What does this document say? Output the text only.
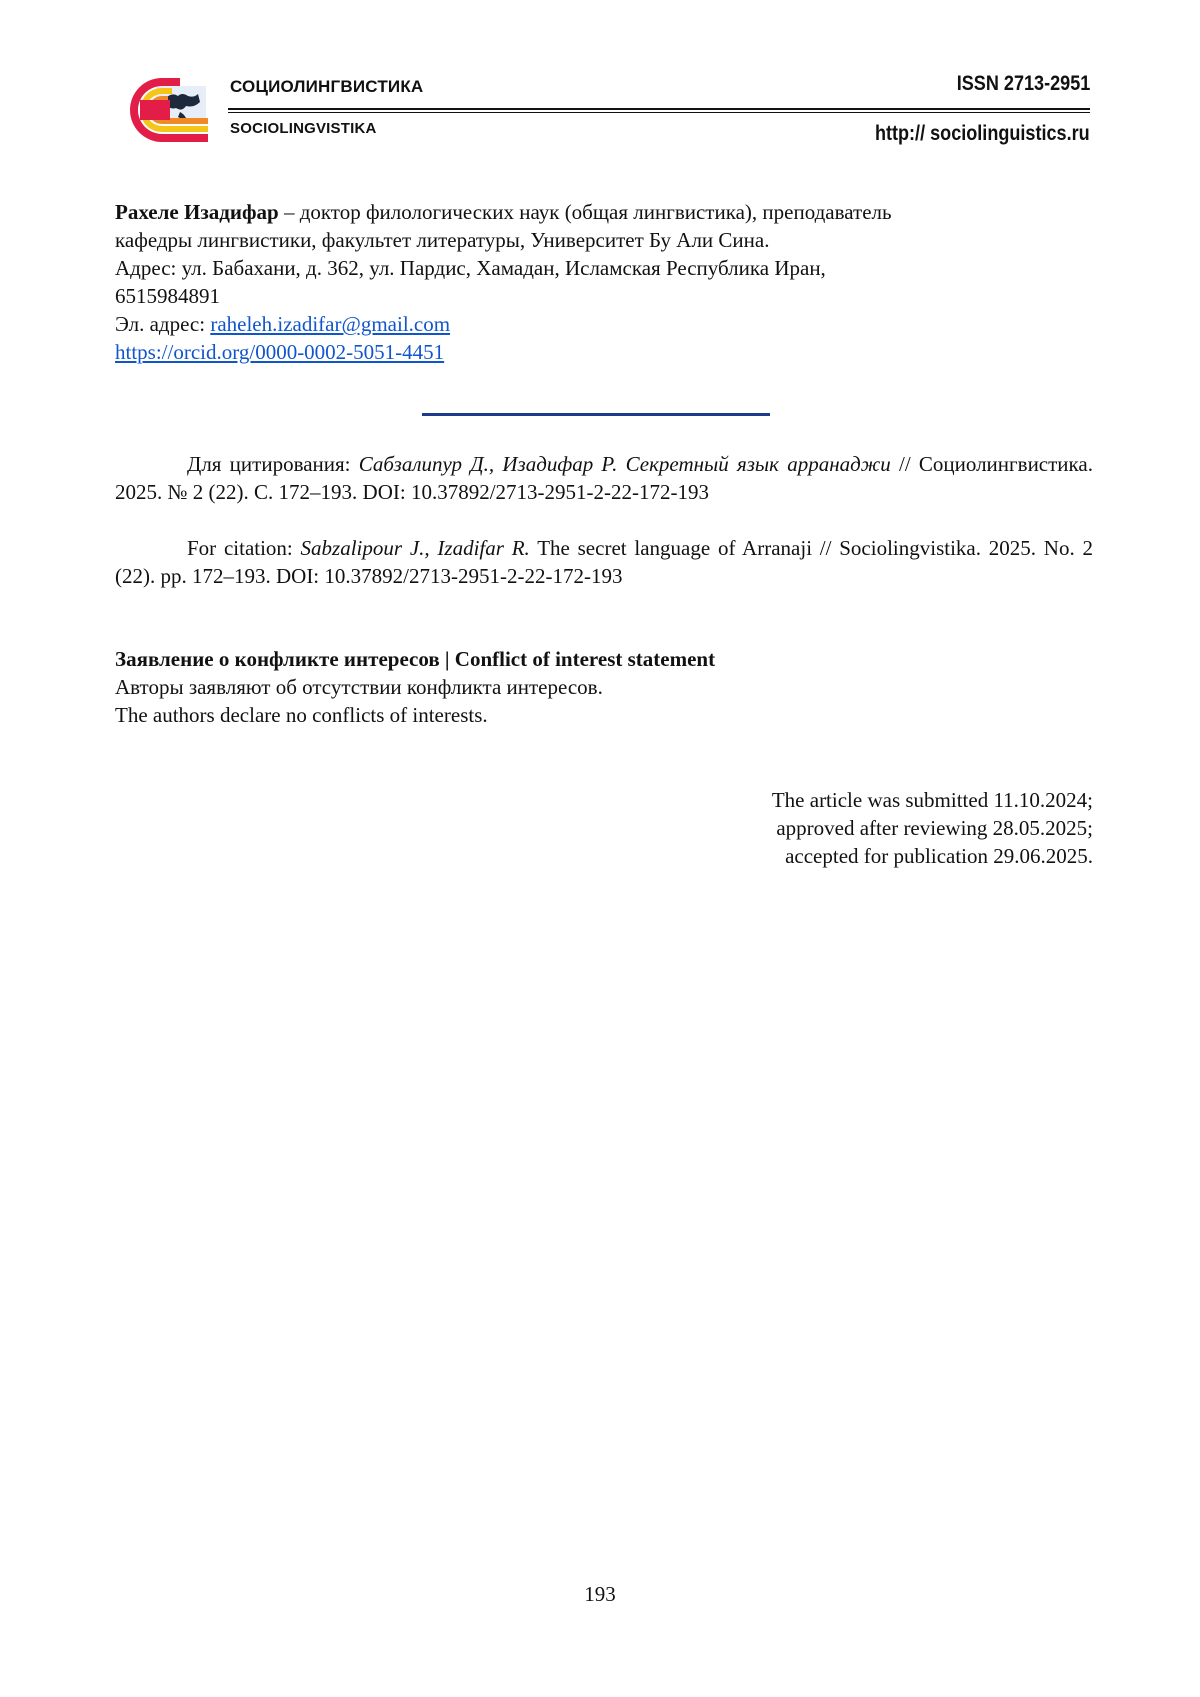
СОЦИОЛИНГВИСТИКА
SOCIOLINGVISTIKA
ISSN 2713-2951
http:// sociolinguistics.ru
Рахеле Изадифар – доктор филологических наук (общая лингвистика), преподаватель
кафедры лингвистики, факультет литературы, Университет Бу Али Сина.
Адрес: ул. Бабахани, д. 362, ул. Пардис, Хамадан, Исламская Республика Иран,
6515984891
Эл. адрес: raheleh.izadifar@gmail.com
https://orcid.org/0000-0002-5051-4451
Для цитирования: Сабзалипур Д., Изадифар Р. Секретный язык арранаджи // Социолингвистика. 2025. № 2 (22). С. 172–193. DOI: 10.37892/2713-2951-2-22-172-193
For citation: Sabzalipour J., Izadifar R. The secret language of Arranaji // Sociolingvistika. 2025. No. 2 (22). pp. 172–193. DOI: 10.37892/2713-2951-2-22-172-193
Заявление о конфликте интересов | Conflict of interest statement
Авторы заявляют об отсутствии конфликта интересов.
The authors declare no conflicts of interests.
The article was submitted 11.10.2024;
approved after reviewing 28.05.2025;
accepted for publication 29.06.2025.
193
